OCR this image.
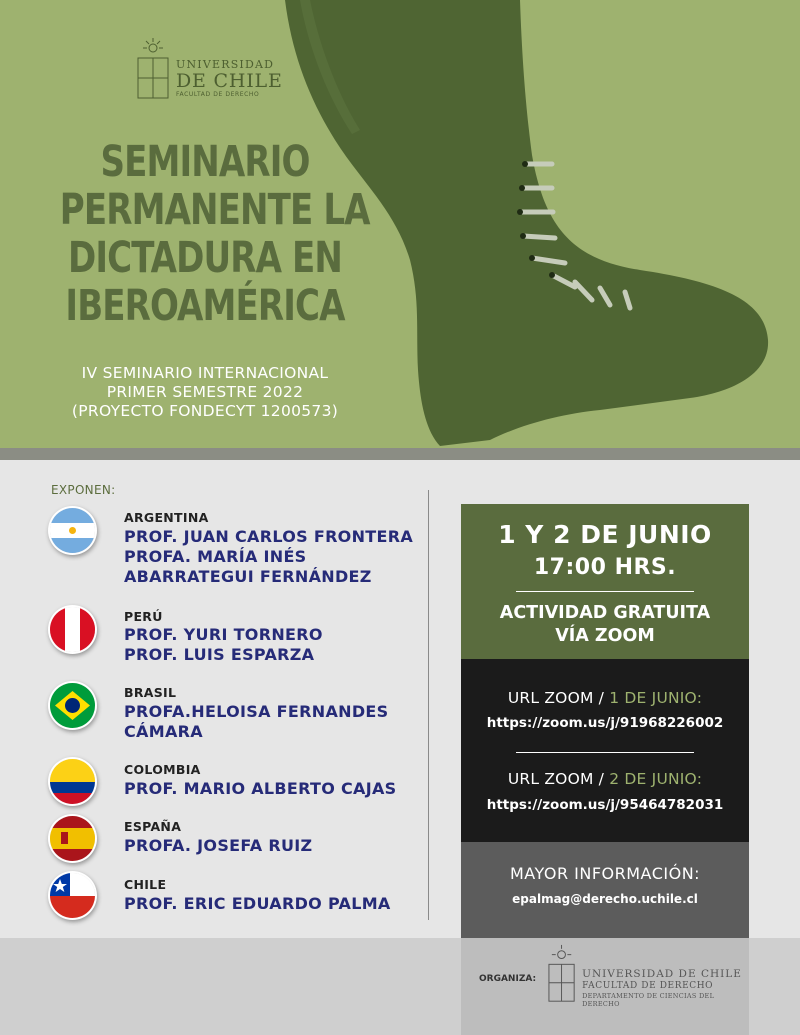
UNIVERSIDAD
DE CHILE
FACULTAD DE DERECHO
SEMINARIO
PERMANENTE LA
DICTADURA EN
IBEROAMÉRICA
IV SEMINARIO INTERNACIONAL
PRIMER SEMESTRE 2022
(PROYECTO FONDECYT 1200573)
EXPONEN:
ARGENTINA
PROF. JUAN CARLOS FRONTERA
PROFA. MARÍA INÉS
ABARRATEGUI FERNÁNDEZ
PERÚ
PROF. YURI TORNERO
PROF. LUIS ESPARZA
BRASIL
PROFA.HELOISA FERNANDES
CÁMARA
COLOMBIA
PROF. MARIO ALBERTO CAJAS
ESPAÑA
PROFA. JOSEFA RUIZ
CHILE
PROF. ERIC EDUARDO PALMA
1 Y 2 DE JUNIO
17:00 HRS.
ACTIVIDAD GRATUITA
VÍA ZOOM
URL ZOOM / 1 DE JUNIO:
https://zoom.us/j/91968226002
URL ZOOM / 2 DE JUNIO:
https://zoom.us/j/95464782031
MAYOR INFORMACIÓN:
epalmag@derecho.uchile.cl
ORGANIZA:	UNIVERSIDAD DE CHILE
FACULTAD DE DERECHO
DEPARTAMENTO DE CIENCIAS DEL DERECHO
